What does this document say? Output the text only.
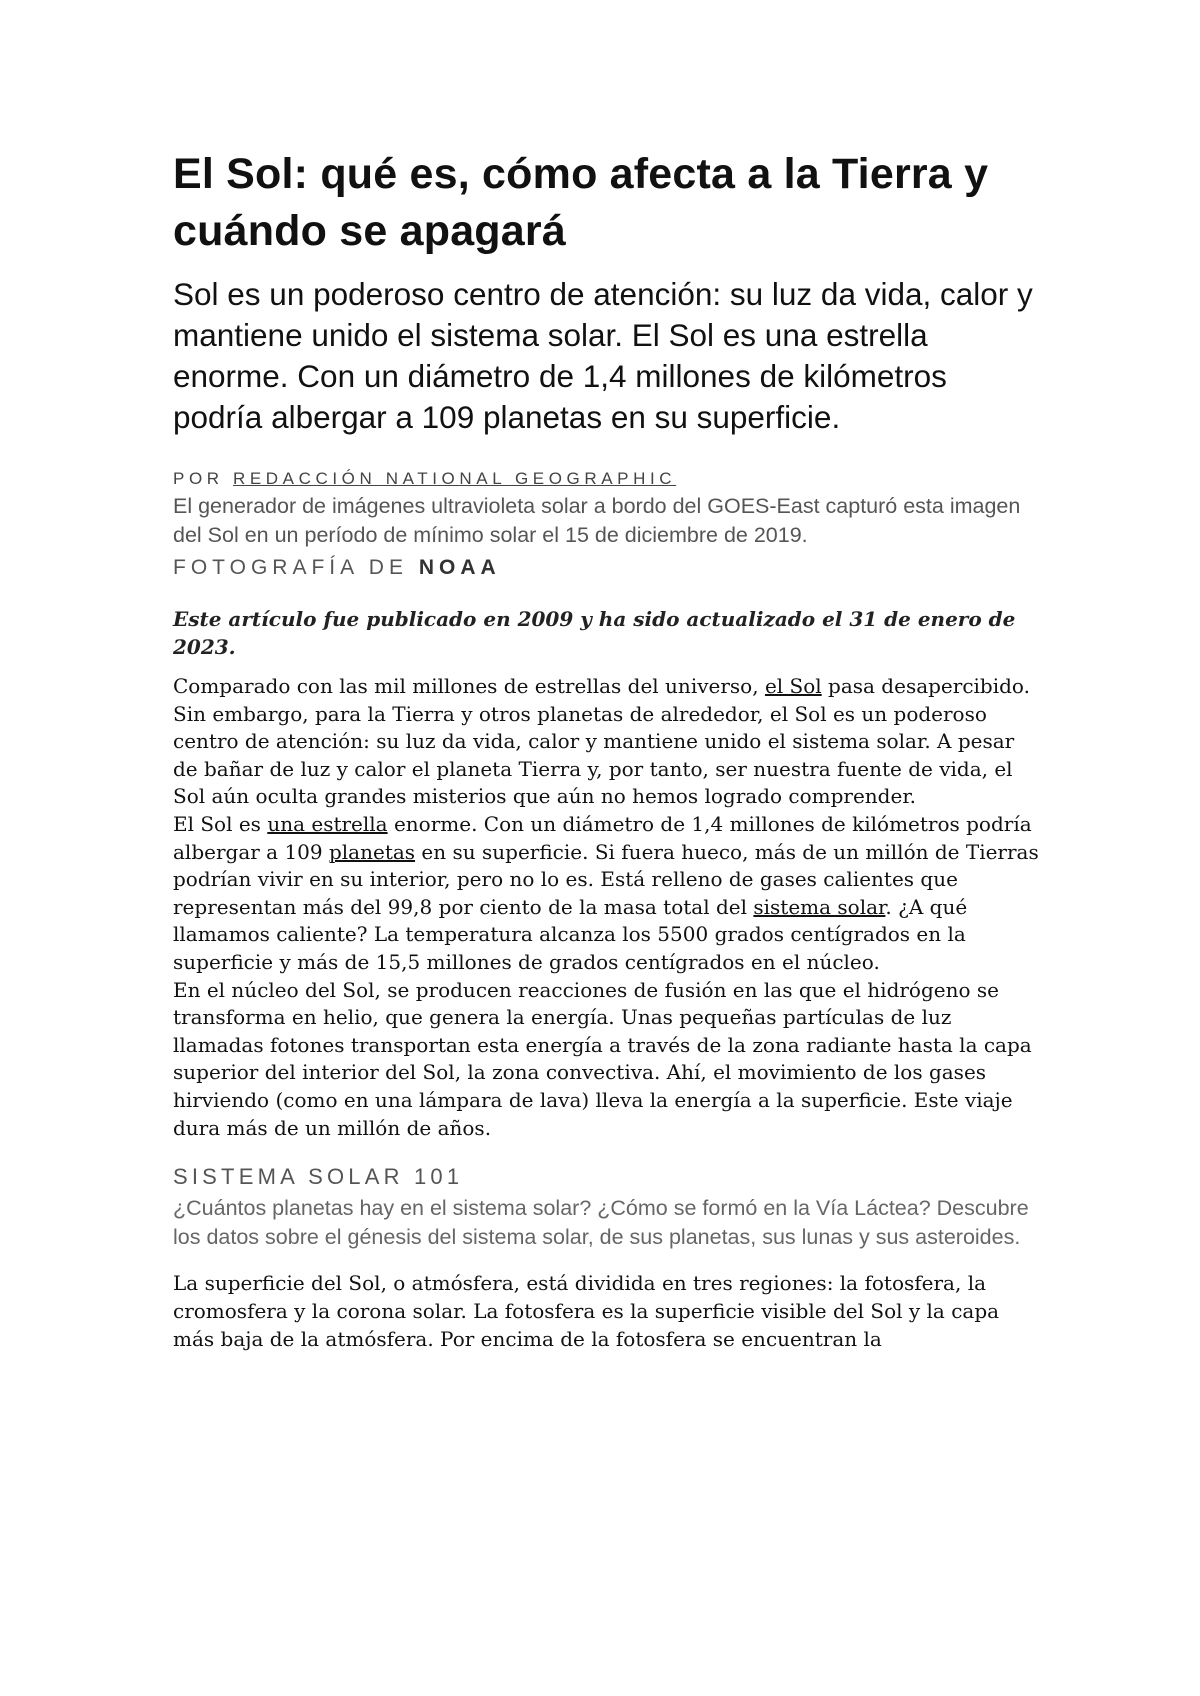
El Sol: qué es, cómo afecta a la Tierra y cuándo se apagará

Sol es un poderoso centro de atención: su luz da vida, calor y mantiene unido el sistema solar. El Sol es una estrella enorme. Con un diámetro de 1,4 millones de kilómetros podría albergar a 109 planetas en su superficie.

POR REDACCIÓN NATIONAL GEOGRAPHIC

El generador de imágenes ultravioleta solar a bordo del GOES-East capturó esta imagen del Sol en un período de mínimo solar el 15 de diciembre de 2019.

FOTOGRAFÍA DE NOAA

Este artículo fue publicado en 2009 y ha sido actualizado el 31 de enero de 2023.

Comparado con las mil millones de estrellas del universo, el Sol pasa desapercibido. Sin embargo, para la Tierra y otros planetas de alrededor, el Sol es un poderoso centro de atención: su luz da vida, calor y mantiene unido el sistema solar. A pesar de bañar de luz y calor el planeta Tierra y, por tanto, ser nuestra fuente de vida, el Sol aún oculta grandes misterios que aún no hemos logrado comprender.

El Sol es una estrella enorme. Con un diámetro de 1,4 millones de kilómetros podría albergar a 109 planetas en su superficie. Si fuera hueco, más de un millón de Tierras podrían vivir en su interior, pero no lo es. Está relleno de gases calientes que representan más del 99,8 por ciento de la masa total del sistema solar. ¿A qué llamamos caliente? La temperatura alcanza los 5500 grados centígrados en la superficie y más de 15,5 millones de grados centígrados en el núcleo.

En el núcleo del Sol, se producen reacciones de fusión en las que el hidrógeno se transforma en helio, que genera la energía. Unas pequeñas partículas de luz llamadas fotones transportan esta energía a través de la zona radiante hasta la capa superior del interior del Sol, la zona convectiva. Ahí, el movimiento de los gases hirviendo (como en una lámpara de lava) lleva la energía a la superficie. Este viaje dura más de un millón de años.

SISTEMA SOLAR 101

¿Cuántos planetas hay en el sistema solar? ¿Cómo se formó en la Vía Láctea? Descubre los datos sobre el génesis del sistema solar, de sus planetas, sus lunas y sus asteroides.

La superficie del Sol, o atmósfera, está dividida en tres regiones: la fotosfera, la cromosfera y la corona solar. La fotosfera es la superficie visible del Sol y la capa más baja de la atmósfera. Por encima de la fotosfera se encuentran la
